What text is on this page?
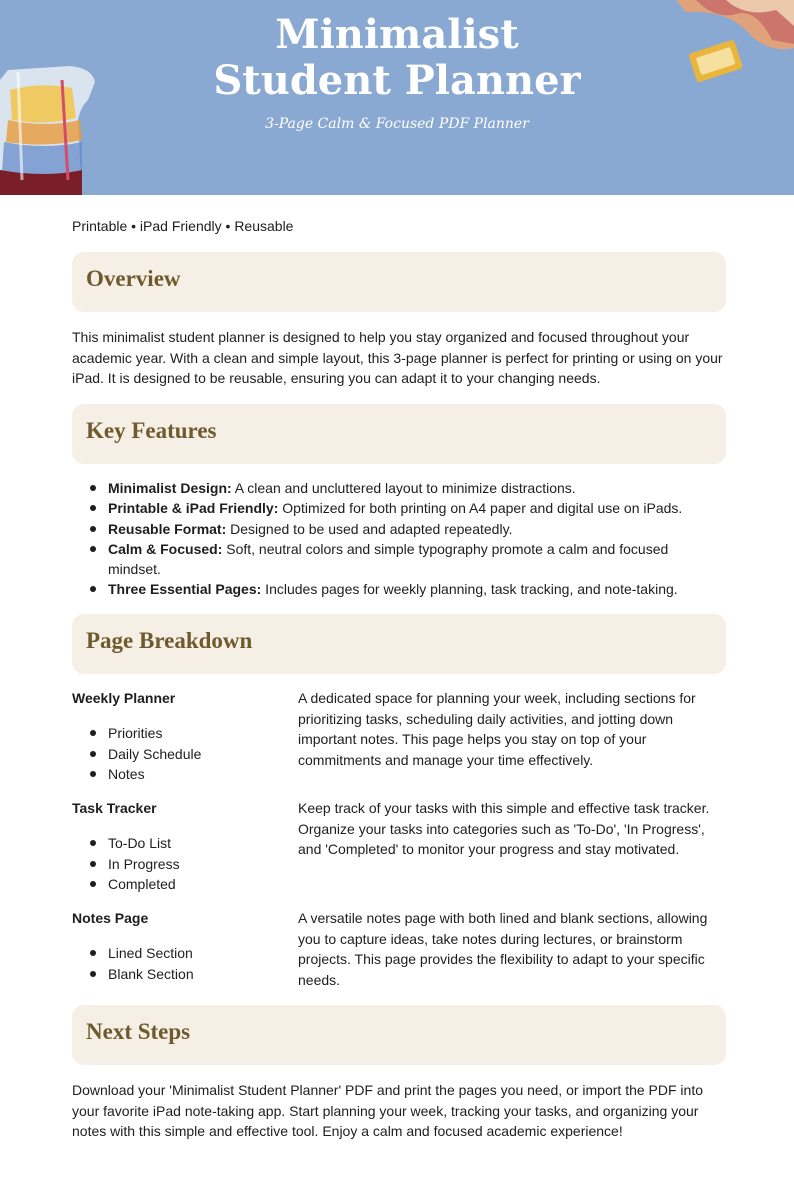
Minimalist Student Planner
3-Page Calm & Focused PDF Planner
Printable • iPad Friendly • Reusable
Overview
This minimalist student planner is designed to help you stay organized and focused throughout your academic year. With a clean and simple layout, this 3-page planner is perfect for printing or using on your iPad. It is designed to be reusable, ensuring you can adapt it to your changing needs.
Key Features
Minimalist Design: A clean and uncluttered layout to minimize distractions.
Printable & iPad Friendly: Optimized for both printing on A4 paper and digital use on iPads.
Reusable Format: Designed to be used and adapted repeatedly.
Calm & Focused: Soft, neutral colors and simple typography promote a calm and focused mindset.
Three Essential Pages: Includes pages for weekly planning, task tracking, and note-taking.
Page Breakdown
Weekly Planner
Priorities
Daily Schedule
Notes
A dedicated space for planning your week, including sections for prioritizing tasks, scheduling daily activities, and jotting down important notes. This page helps you stay on top of your commitments and manage your time effectively.
Task Tracker
To-Do List
In Progress
Completed
Keep track of your tasks with this simple and effective task tracker. Organize your tasks into categories such as 'To-Do', 'In Progress', and 'Completed' to monitor your progress and stay motivated.
Notes Page
Lined Section
Blank Section
A versatile notes page with both lined and blank sections, allowing you to capture ideas, take notes during lectures, or brainstorm projects. This page provides the flexibility to adapt to your specific needs.
Next Steps
Download your 'Minimalist Student Planner' PDF and print the pages you need, or import the PDF into your favorite iPad note-taking app. Start planning your week, tracking your tasks, and organizing your notes with this simple and effective tool. Enjoy a calm and focused academic experience!
